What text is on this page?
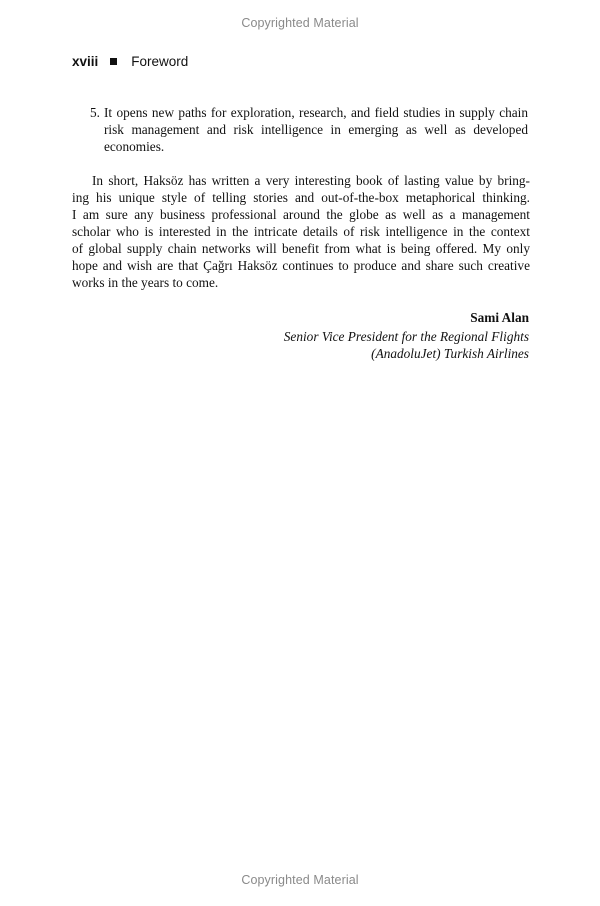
Copyrighted Material
xviii Foreword
5. It opens new paths for exploration, research, and field studies in supply chain
risk management and risk intelligence in emerging as well as developed
economies.
In short, Haksöz has written a very interesting book of lasting value by bring-
ing his unique style of telling stories and out-of-the-box metaphorical thinking.
I am sure any business professional around the globe as well as a management
scholar who is interested in the intricate details of risk intelligence in the context
of global supply chain networks will benefit from what is being offered. My only
hope and wish are that Çağrı Haksöz continues to produce and share such creative
works in the years to come.
Sami Alan
Senior Vice President for the Regional Flights
(AnadoluJet) Turkish Airlines
Copyrighted Material
